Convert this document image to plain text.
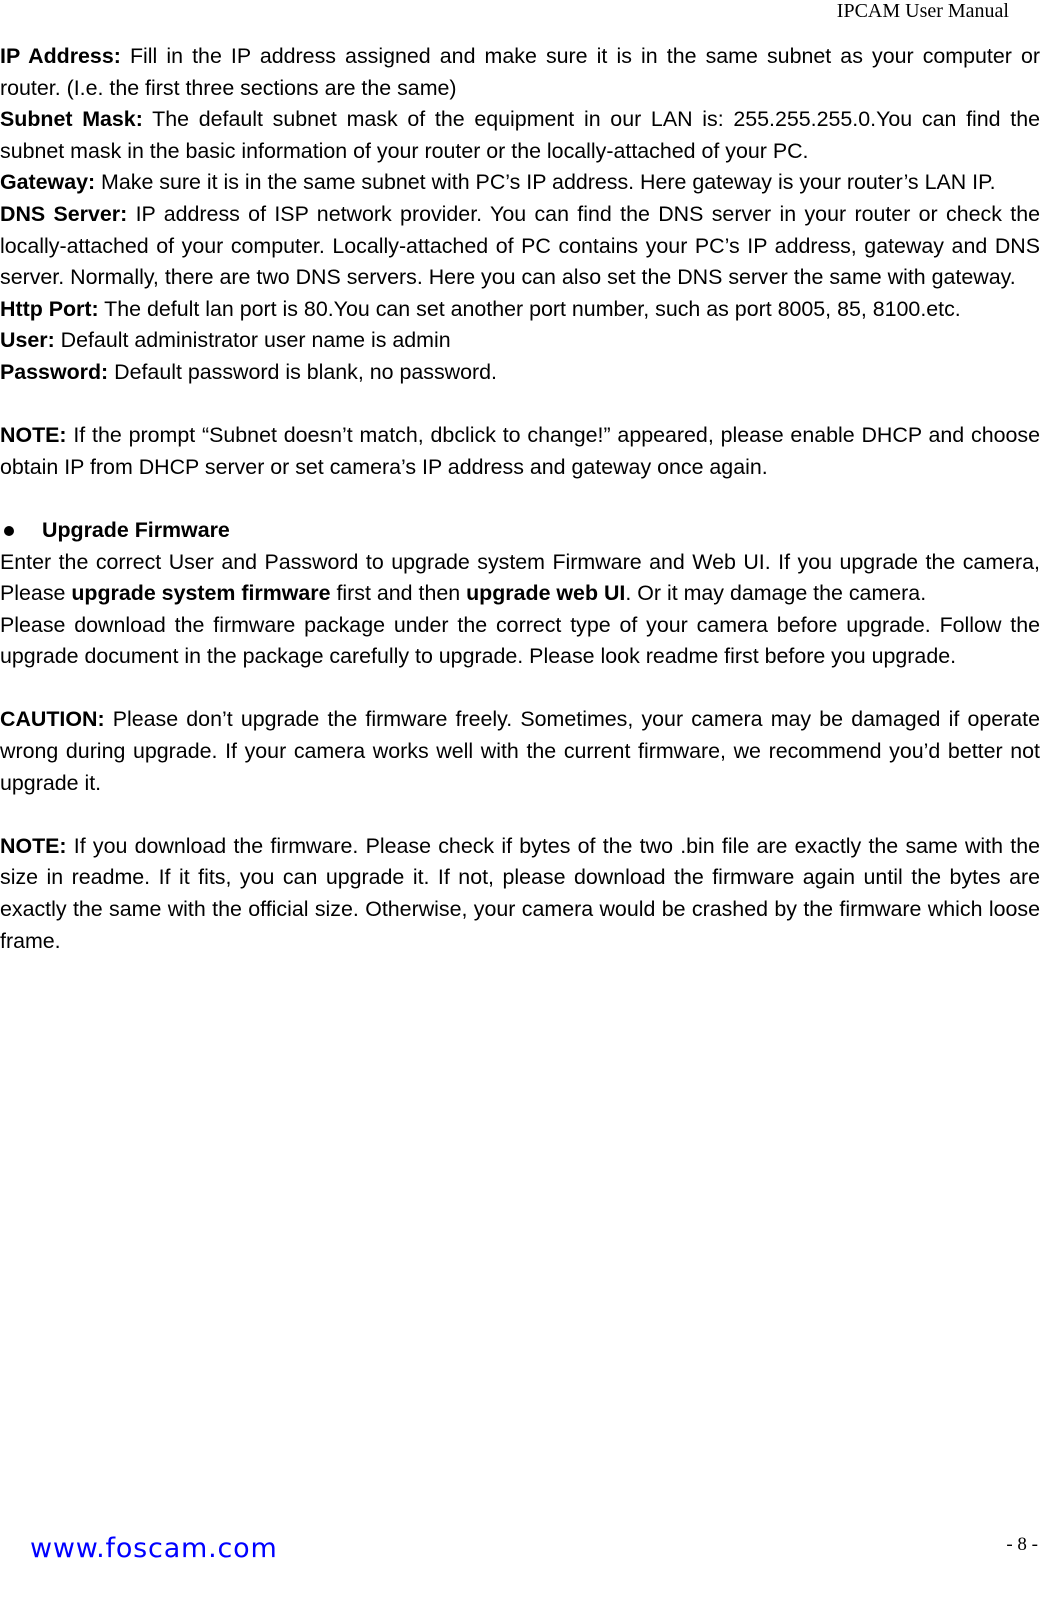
IPCAM User Manual

IP Address: Fill in the IP address assigned and make sure it is in the same subnet as your computer or router. (I.e. the first three sections are the same)

Subnet Mask: The default subnet mask of the equipment in our LAN is: 255.255.255.0.You can find the subnet mask in the basic information of your router or the locally-attached of your PC.

Gateway: Make sure it is in the same subnet with PC’s IP address. Here gateway is your router’s LAN IP.

DNS Server: IP address of ISP network provider. You can find the DNS server in your router or check the locally-attached of your computer. Locally-attached of PC contains your PC’s IP address, gateway and DNS server. Normally, there are two DNS servers. Here you can also set the DNS server the same with gateway.

Http Port: The defult lan port is 80.You can set another port number, such as port 8005, 85, 8100.etc.

User: Default administrator user name is admin

Password: Default password is blank, no password.

NOTE: If the prompt “Subnet doesn’t match, dbclick to change!” appeared, please enable DHCP and choose obtain IP from DHCP server or set camera’s IP address and gateway once again.

Upgrade Firmware

Enter the correct User and Password to upgrade system Firmware and Web UI. If you upgrade the camera, Please upgrade system firmware first and then upgrade web UI. Or it may damage the camera.

Please download the firmware package under the correct type of your camera before upgrade. Follow the upgrade document in the package carefully to upgrade. Please look readme first before you upgrade.

CAUTION: Please don’t upgrade the firmware freely. Sometimes, your camera may be damaged if operate wrong during upgrade. If your camera works well with the current firmware, we recommend you’d better not upgrade it.

NOTE: If you download the firmware. Please check if bytes of the two .bin file are exactly the same with the size in readme. If it fits, you can upgrade it. If not, please download the firmware again until the bytes are exactly the same with the official size. Otherwise, your camera would be crashed by the firmware which loose frame.

www.foscam.com	- 8 -
